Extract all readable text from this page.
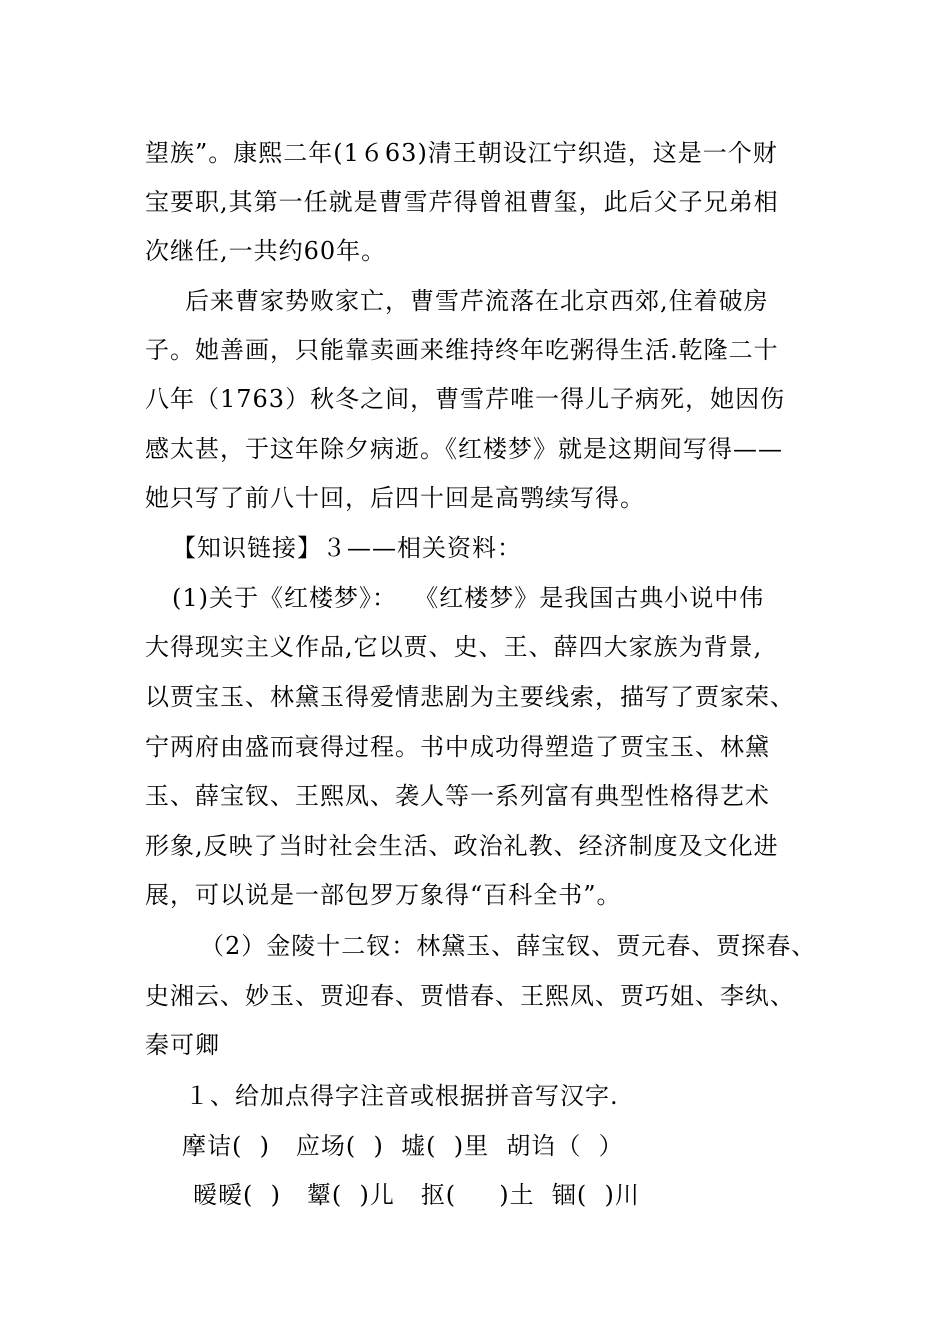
望族”。康熙二年(1６63)清王朝设江宁织造，这是一个财
宝要职,其第一任就是曹雪芹得曾祖曹玺，此后父子兄弟相
次继任,一共约60年。
后来曹家势败家亡，曹雪芹流落在北京西郊,住着破房
子。她善画，只能靠卖画来维持终年吃粥得生活.乾隆二十
八年（1763）秋冬之间，曹雪芹唯一得儿子病死，她因伤
感太甚，于这年除夕病逝。《红楼梦》就是这期间写得——
她只写了前八十回，后四十回是高鹗续写得。
【知识链接】３——相关资料：
(1)关于《红楼梦》：  《红楼梦》是我国古典小说中伟
大得现实主义作品,它以贾、史、王、薛四大家族为背景,
以贾宝玉、林黛玉得爱情悲剧为主要线索，描写了贾家荣、
宁两府由盛而衰得过程。书中成功得塑造了贾宝玉、林黛
玉、薛宝钗、王熙凤、袭人等一系列富有典型性格得艺术
形象,反映了当时社会生活、政治礼教、经济制度及文化进
展，可以说是一部包罗万象得“百科全书”。
（2）金陵十二钗：林黛玉、薛宝钗、贾元春、贾探春、
史湘云、妙玉、贾迎春、贾惜春、王熙凤、贾巧姐、李纨、
秦可卿
１、给加点得字注音或根据拼音写汉字.
摩诘(  )   应场(  )  墟(  )里  胡诌（  ）
暧暧(  )   颦(  )儿   抠(     )土  锢(  )川
